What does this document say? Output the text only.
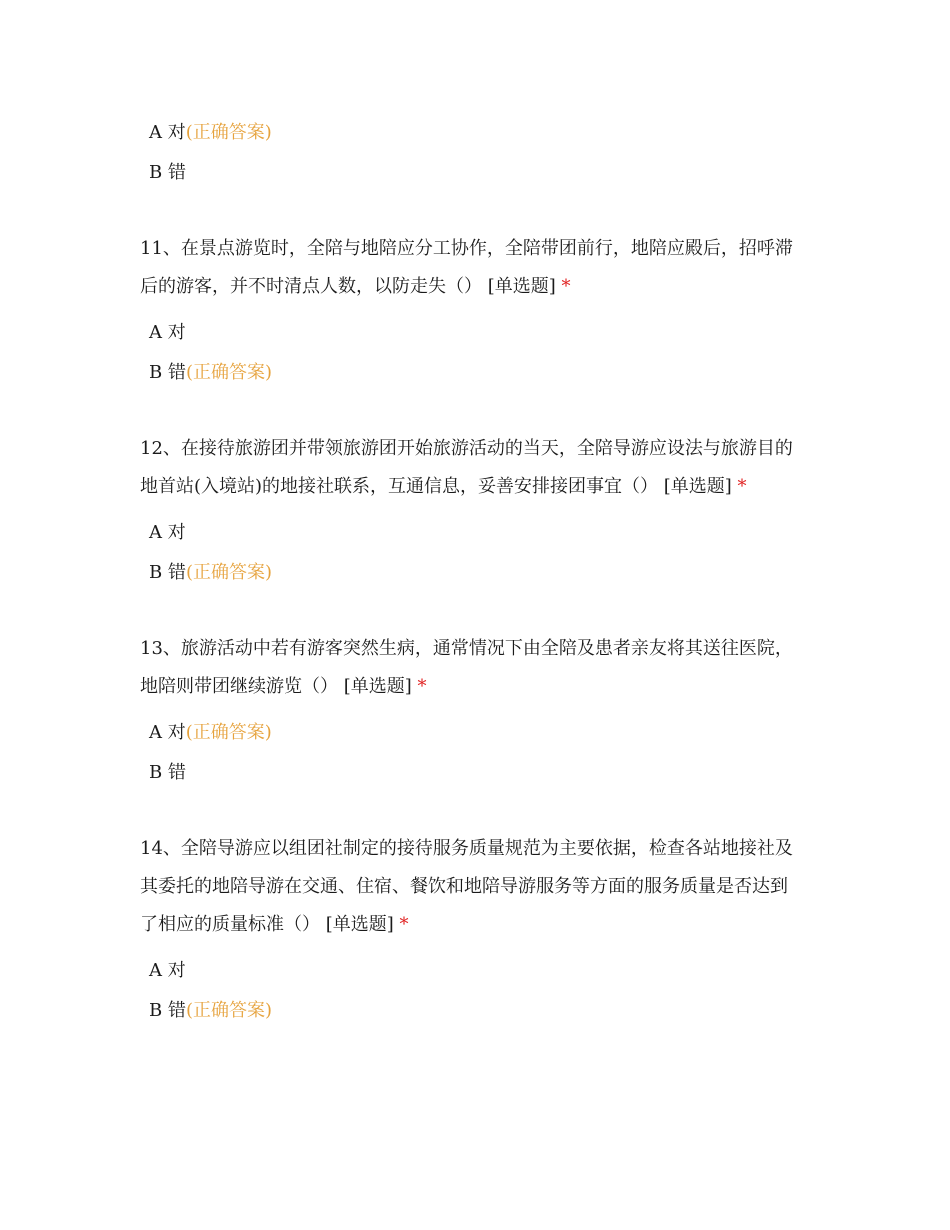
A 对(正确答案)
B 错
11、在景点游览时，全陪与地陪应分工协作，全陪带团前行，地陪应殿后，招呼滞
后的游客，并不时清点人数，以防走失（） [单选题] *
A 对
B 错(正确答案)
12、在接待旅游团并带领旅游团开始旅游活动的当天，全陪导游应设法与旅游目的
地首站(入境站)的地接社联系，互通信息，妥善安排接团事宜（） [单选题] *
A 对
B 错(正确答案)
13、旅游活动中若有游客突然生病，通常情况下由全陪及患者亲友将其送往医院，
地陪则带团继续游览（） [单选题] *
A 对(正确答案)
B 错
14、全陪导游应以组团社制定的接待服务质量规范为主要依据，检查各站地接社及
其委托的地陪导游在交通、住宿、餐饮和地陪导游服务等方面的服务质量是否达到
了相应的质量标准（） [单选题] *
A 对
B 错(正确答案)
